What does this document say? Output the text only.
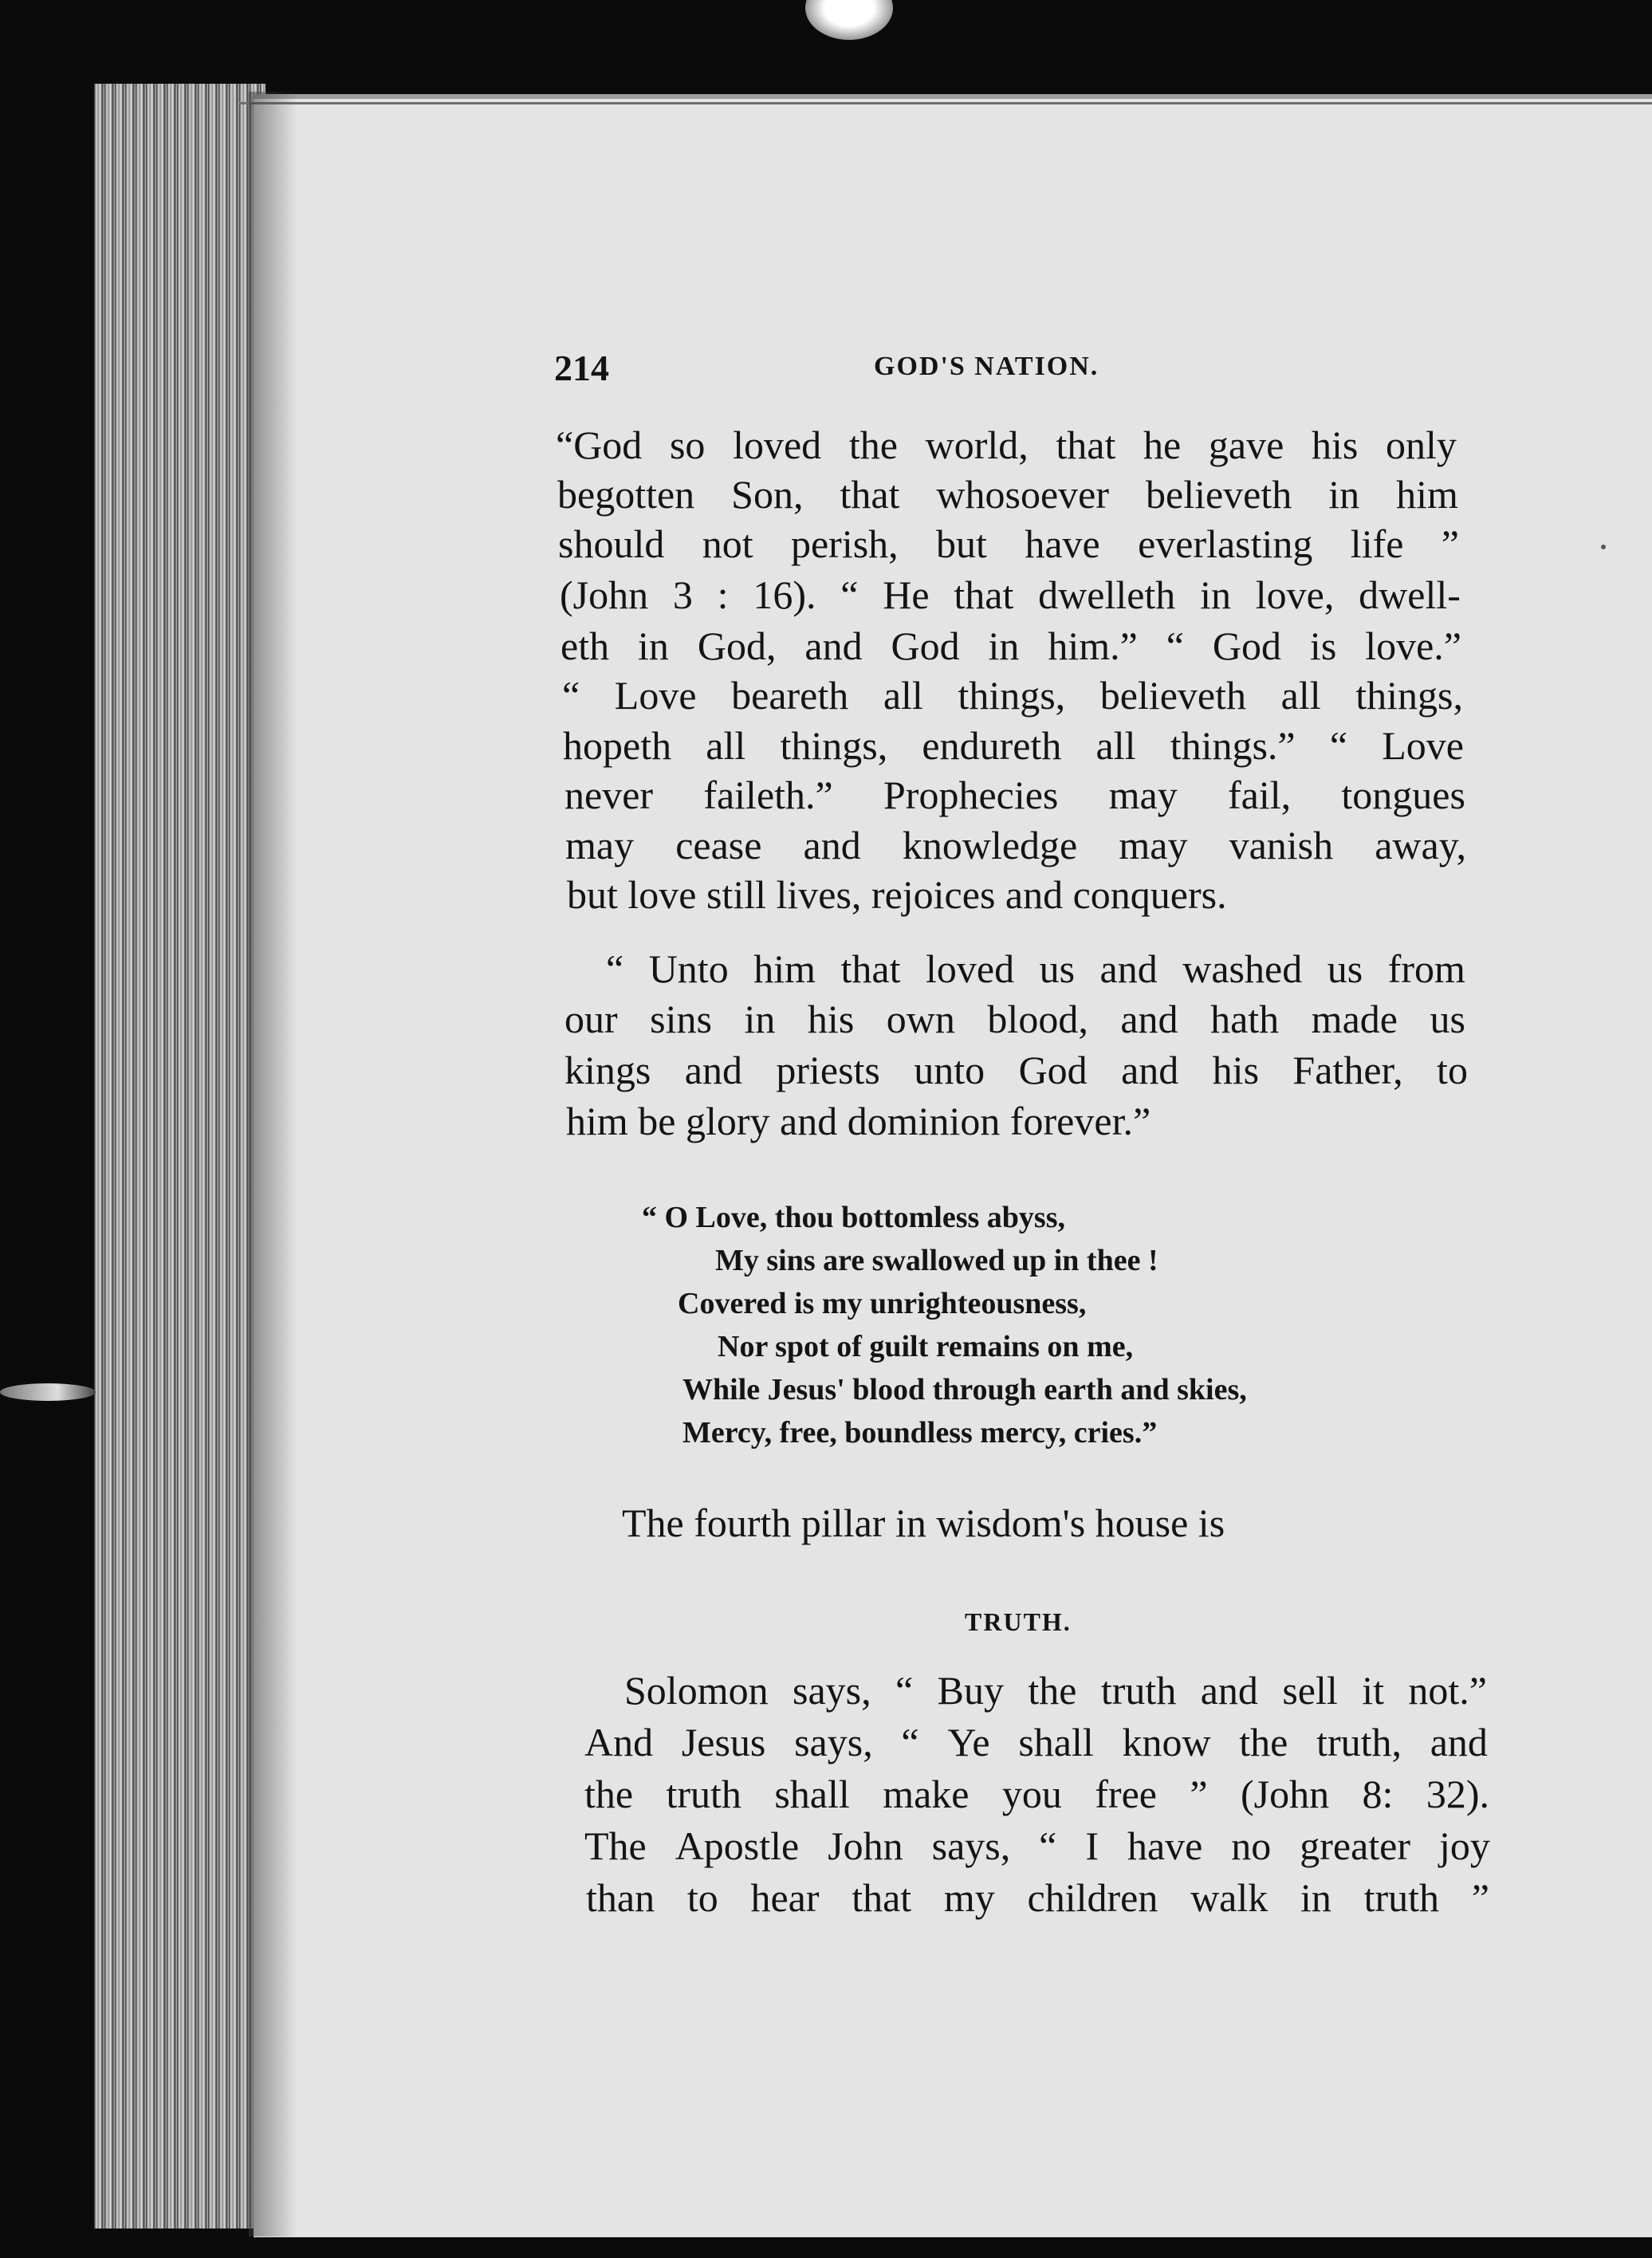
214	GOD'S NATION.
“God so loved the world, that he gave his only
begotten Son, that whosoever believeth in him
should not perish, but have everlasting life ”
(John 3 : 16). “ He that dwelleth in love, dwell-
eth in God, and God in him.” “ God is love.”
“ Love beareth all things, believeth all things,
hopeth all things, endureth all things.” “ Love
never faileth.” Prophecies may fail, tongues
may cease and knowledge may vanish away,
but love still lives, rejoices and conquers.
“ Unto him that loved us and washed us from
our sins in his own blood, and hath made us
kings and priests unto God and his Father, to
him be glory and dominion forever.”
“ O Love, thou bottomless abyss,
My sins are swallowed up in thee !
Covered is my unrighteousness,
Nor spot of guilt remains on me,
While Jesus' blood through earth and skies,
Mercy, free, boundless mercy, cries.”
The fourth pillar in wisdom's house is
TRUTH.
Solomon says, “ Buy the truth and sell it not.”
And Jesus says, “ Ye shall know the truth, and
the truth shall make you free ” (John 8: 32).
The Apostle John says, “ I have no greater joy
than to hear that my children walk in truth ”
